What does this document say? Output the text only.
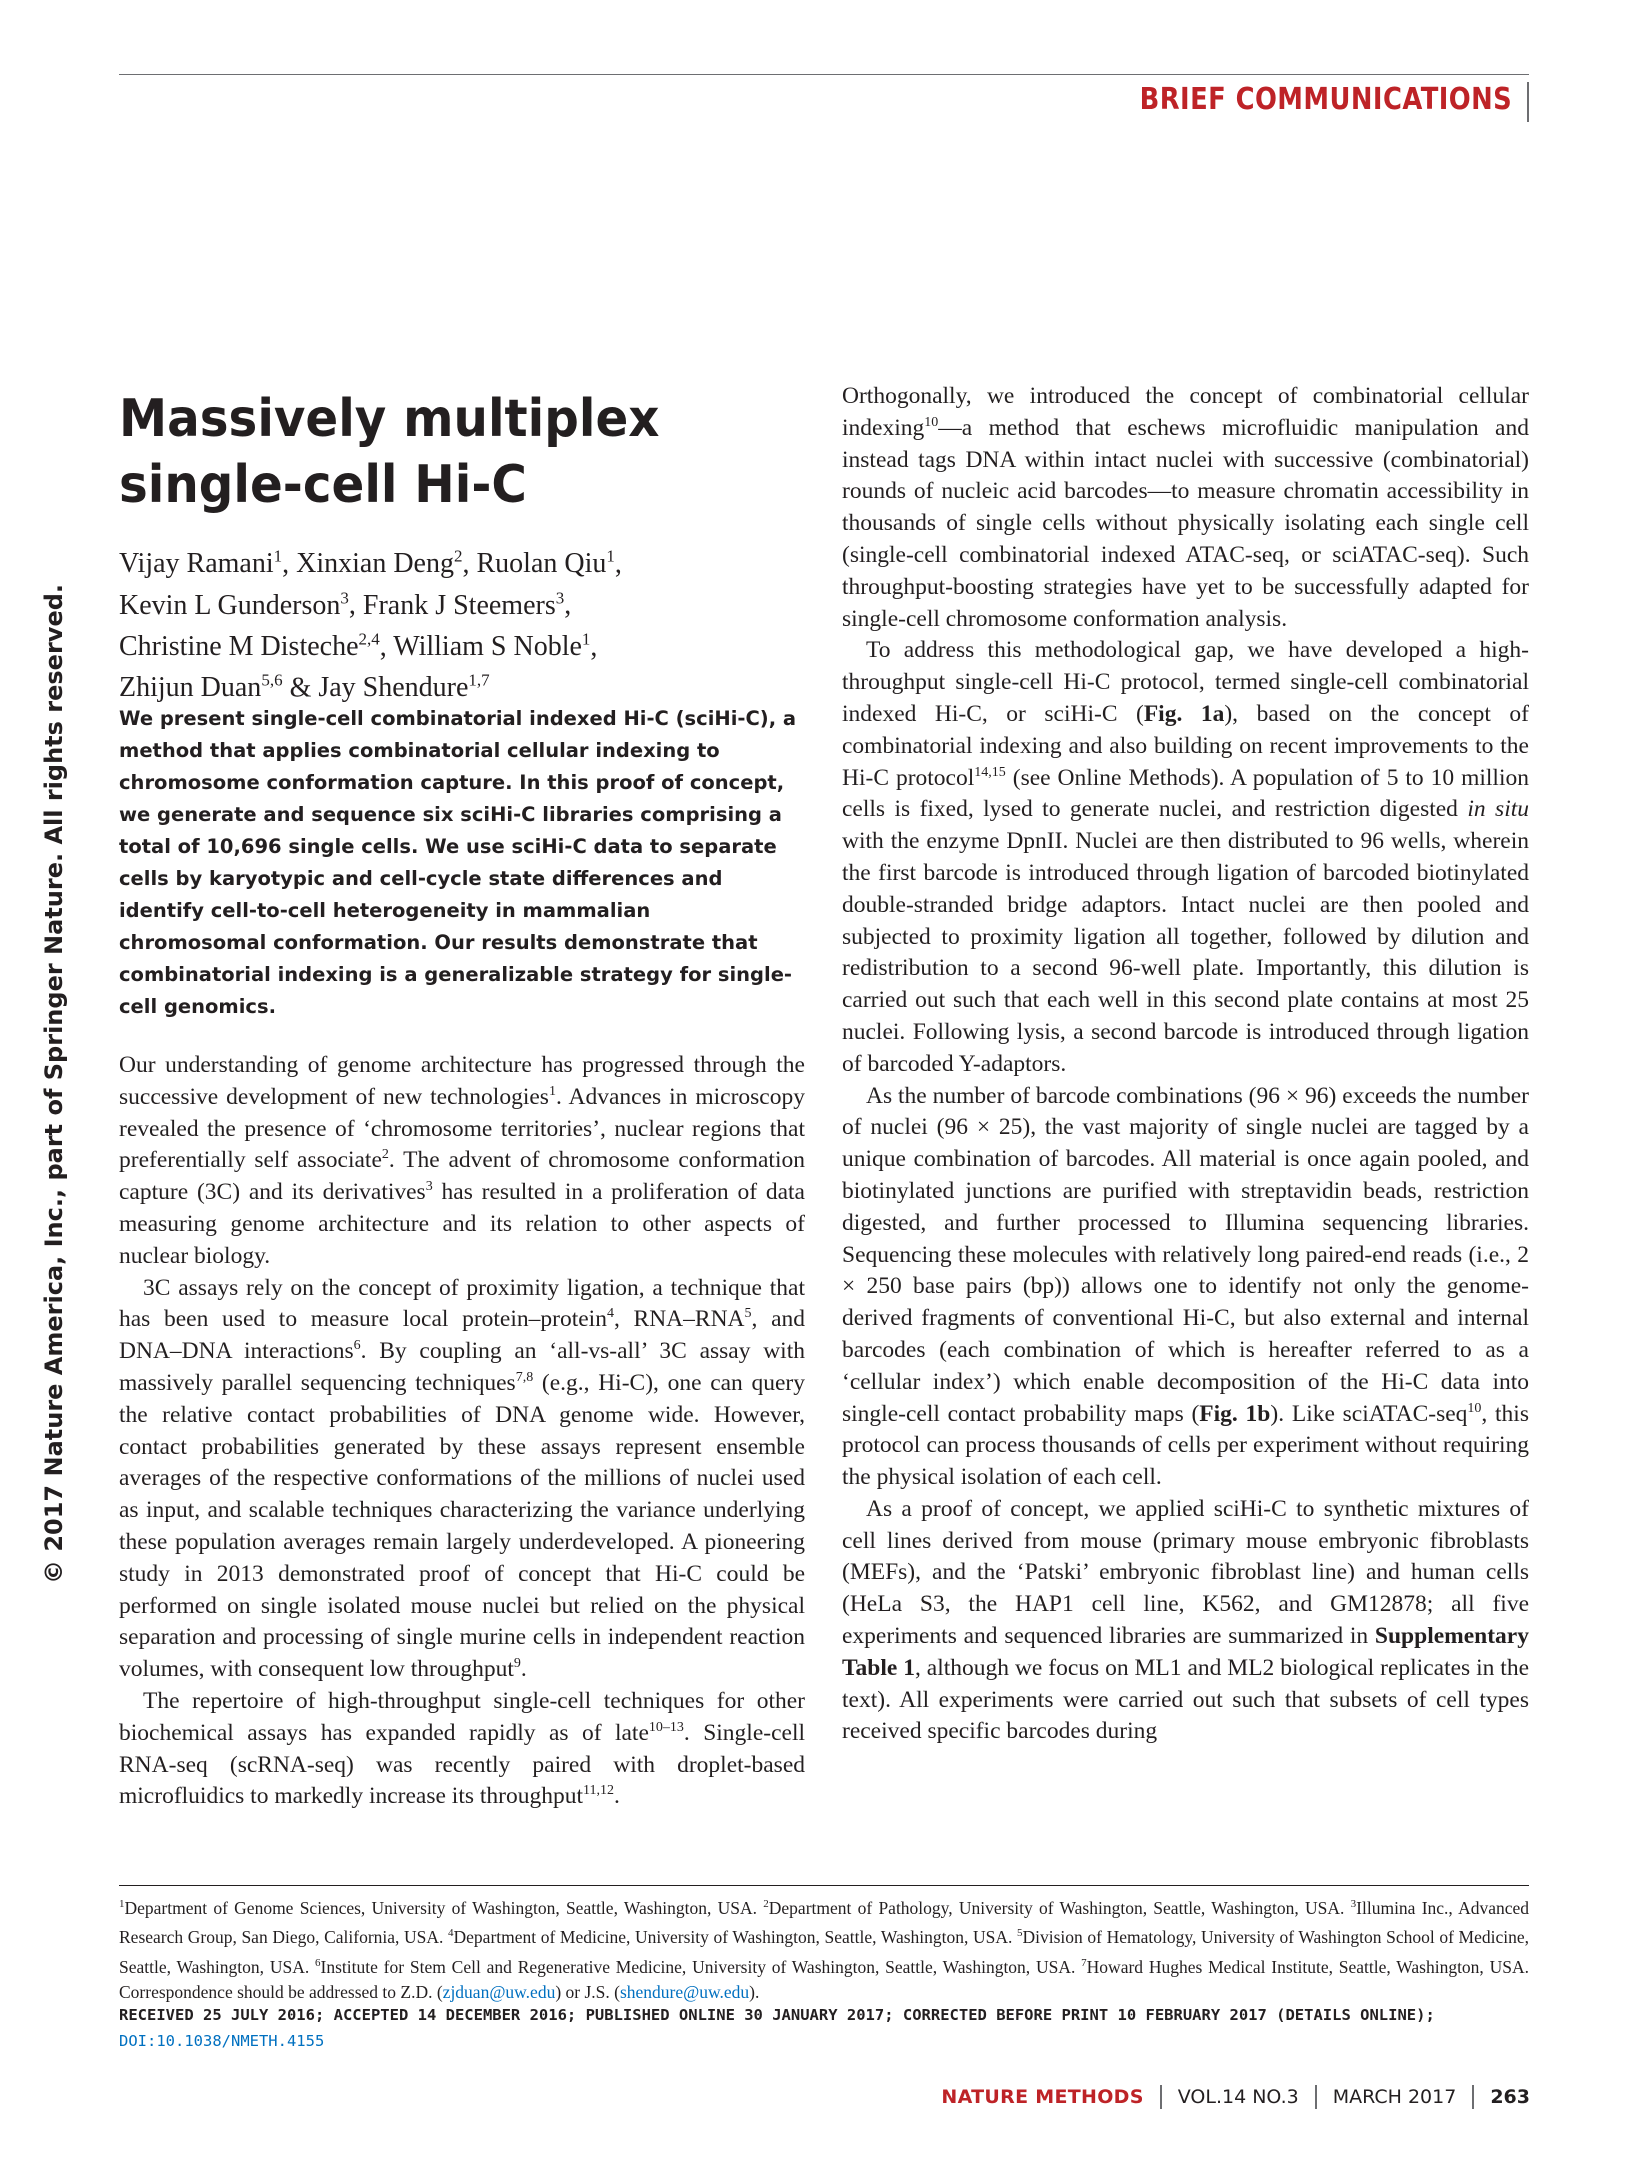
BRIEF COMMUNICATIONS
© 2017 Nature America, Inc., part of Springer Nature. All rights reserved.
Massively multiplex
single-cell Hi-C
Vijay Ramani$^1$, Xinxian Deng$^2$, Ruolan Qiu$^1$,
Kevin L Gunderson$^3$, Frank J Steemers$^3$,
Christine M Disteche$^{2,4}$, William S Noble$^1$,
Zhijun Duan$^{5,6}$ & Jay Shendure$^{1,7}$
We present single-cell combinatorial indexed Hi-C (sciHi-C), a method that applies combinatorial cellular indexing to chromosome conformation capture. In this proof of concept, we generate and sequence six sciHi-C libraries comprising a total of 10,696 single cells. We use sciHi-C data to separate cells by karyotypic and cell-cycle state differences and identify cell-to-cell heterogeneity in mammalian chromosomal conformation. Our results demonstrate that combinatorial indexing is a generalizable strategy for single-cell genomics.

Our understanding of genome architecture has progressed through the successive development of new technologies$^1$. Advances in microscopy revealed the presence of ‘chromosome territories’, nuclear regions that preferentially self associate$^2$. The advent of chromosome conformation capture (3C) and its derivatives$^3$ has resulted in a proliferation of data measuring genome architecture and its relation to other aspects of nuclear biology.

3C assays rely on the concept of proximity ligation, a technique that has been used to measure local protein–protein$^4$, RNA–RNA$^5$, and DNA–DNA interactions$^6$. By coupling an ‘all-vs-all’ 3C assay with massively parallel sequencing techniques$^{7,8}$ (e.g., Hi-C), one can query the relative contact probabilities of DNA genome wide. However, contact probabilities generated by these assays represent ensemble averages of the respective conformations of the millions of nuclei used as input, and scalable techniques characterizing the variance underlying these population averages remain largely underdeveloped. A pioneering study in 2013 demonstrated proof of concept that Hi-C could be performed on single isolated mouse nuclei but relied on the physical separation and processing of single murine cells in independent reaction volumes, with consequent low throughput$^9$.

The repertoire of high-throughput single-cell techniques for other biochemical assays has expanded rapidly as of late$^{10-13}$. Single-cell RNA-seq (scRNA-seq) was recently paired with droplet-based microfluidics to markedly increase its throughput$^{11,12}$.

Orthogonally, we introduced the concept of combinatorial cellular indexing$^{10}$—a method that eschews microfluidic manipulation and instead tags DNA within intact nuclei with successive (combinatorial) rounds of nucleic acid barcodes—to measure chromatin accessibility in thousands of single cells without physically isolating each single cell (single-cell combinatorial indexed ATAC-seq, or sciATAC-seq). Such throughput-boosting strategies have yet to be successfully adapted for single-cell chromosome conformation analysis.

To address this methodological gap, we have developed a high-throughput single-cell Hi-C protocol, termed single-cell combinatorial indexed Hi-C, or sciHi-C (Fig. 1a), based on the concept of combinatorial indexing and also building on recent improvements to the Hi-C protocol$^{14,15}$ (see Online Methods). A population of 5 to 10 million cells is fixed, lysed to generate nuclei, and restriction digested in situ with the enzyme DpnII. Nuclei are then distributed to 96 wells, wherein the first barcode is introduced through ligation of barcoded biotinylated double-stranded bridge adaptors. Intact nuclei are then pooled and subjected to proximity ligation all together, followed by dilution and redistribution to a second 96-well plate. Importantly, this dilution is carried out such that each well in this second plate contains at most 25 nuclei. Following lysis, a second barcode is introduced through ligation of barcoded Y-adaptors.

As the number of barcode combinations (96 × 96) exceeds the number of nuclei (96 × 25), the vast majority of single nuclei are tagged by a unique combination of barcodes. All material is once again pooled, and biotinylated junctions are purified with streptavidin beads, restriction digested, and further processed to Illumina sequencing libraries. Sequencing these molecules with relatively long paired-end reads (i.e., 2 × 250 base pairs (bp)) allows one to identify not only the genome-derived fragments of conventional Hi-C, but also external and internal barcodes (each combination of which is hereafter referred to as a ‘cellular index’) which enable decomposition of the Hi-C data into single-cell contact probability maps (Fig. 1b). Like sciATAC-seq$^{10}$, this protocol can process thousands of cells per experiment without requiring the physical isolation of each cell.

As a proof of concept, we applied sciHi-C to synthetic mixtures of cell lines derived from mouse (primary mouse embryonic fibroblasts (MEFs), and the ‘Patski’ embryonic fibroblast line) and human cells (HeLa S3, the HAP1 cell line, K562, and GM12878; all five experiments and sequenced libraries are summarized in Supplementary Table 1, although we focus on ML1 and ML2 biological replicates in the text). All experiments were carried out such that subsets of cell types received specific barcodes during

$^1$Department of Genome Sciences, University of Washington, Seattle, Washington, USA. $^2$Department of Pathology, University of Washington, Seattle, Washington, USA. $^3$Illumina Inc., Advanced Research Group, San Diego, California, USA. $^4$Department of Medicine, University of Washington, Seattle, Washington, USA. $^5$Division of Hematology, University of Washington School of Medicine, Seattle, Washington, USA. $^6$Institute for Stem Cell and Regenerative Medicine, University of Washington, Seattle, Washington, USA. $^7$Howard Hughes Medical Institute, Seattle, Washington, USA. Correspondence should be addressed to Z.D. (zjduan@uw.edu) or J.S. (shendure@uw.edu).
RECEIVED 25 JULY 2016; ACCEPTED 14 DECEMBER 2016; PUBLISHED ONLINE 30 JANUARY 2017; CORRECTED BEFORE PRINT 10 FEBRUARY 2017 (DETAILS ONLINE);
DOI:10.1038/NMETH.4155
NATURE METHODS VOL.14 NO.3 MARCH 2017 263
